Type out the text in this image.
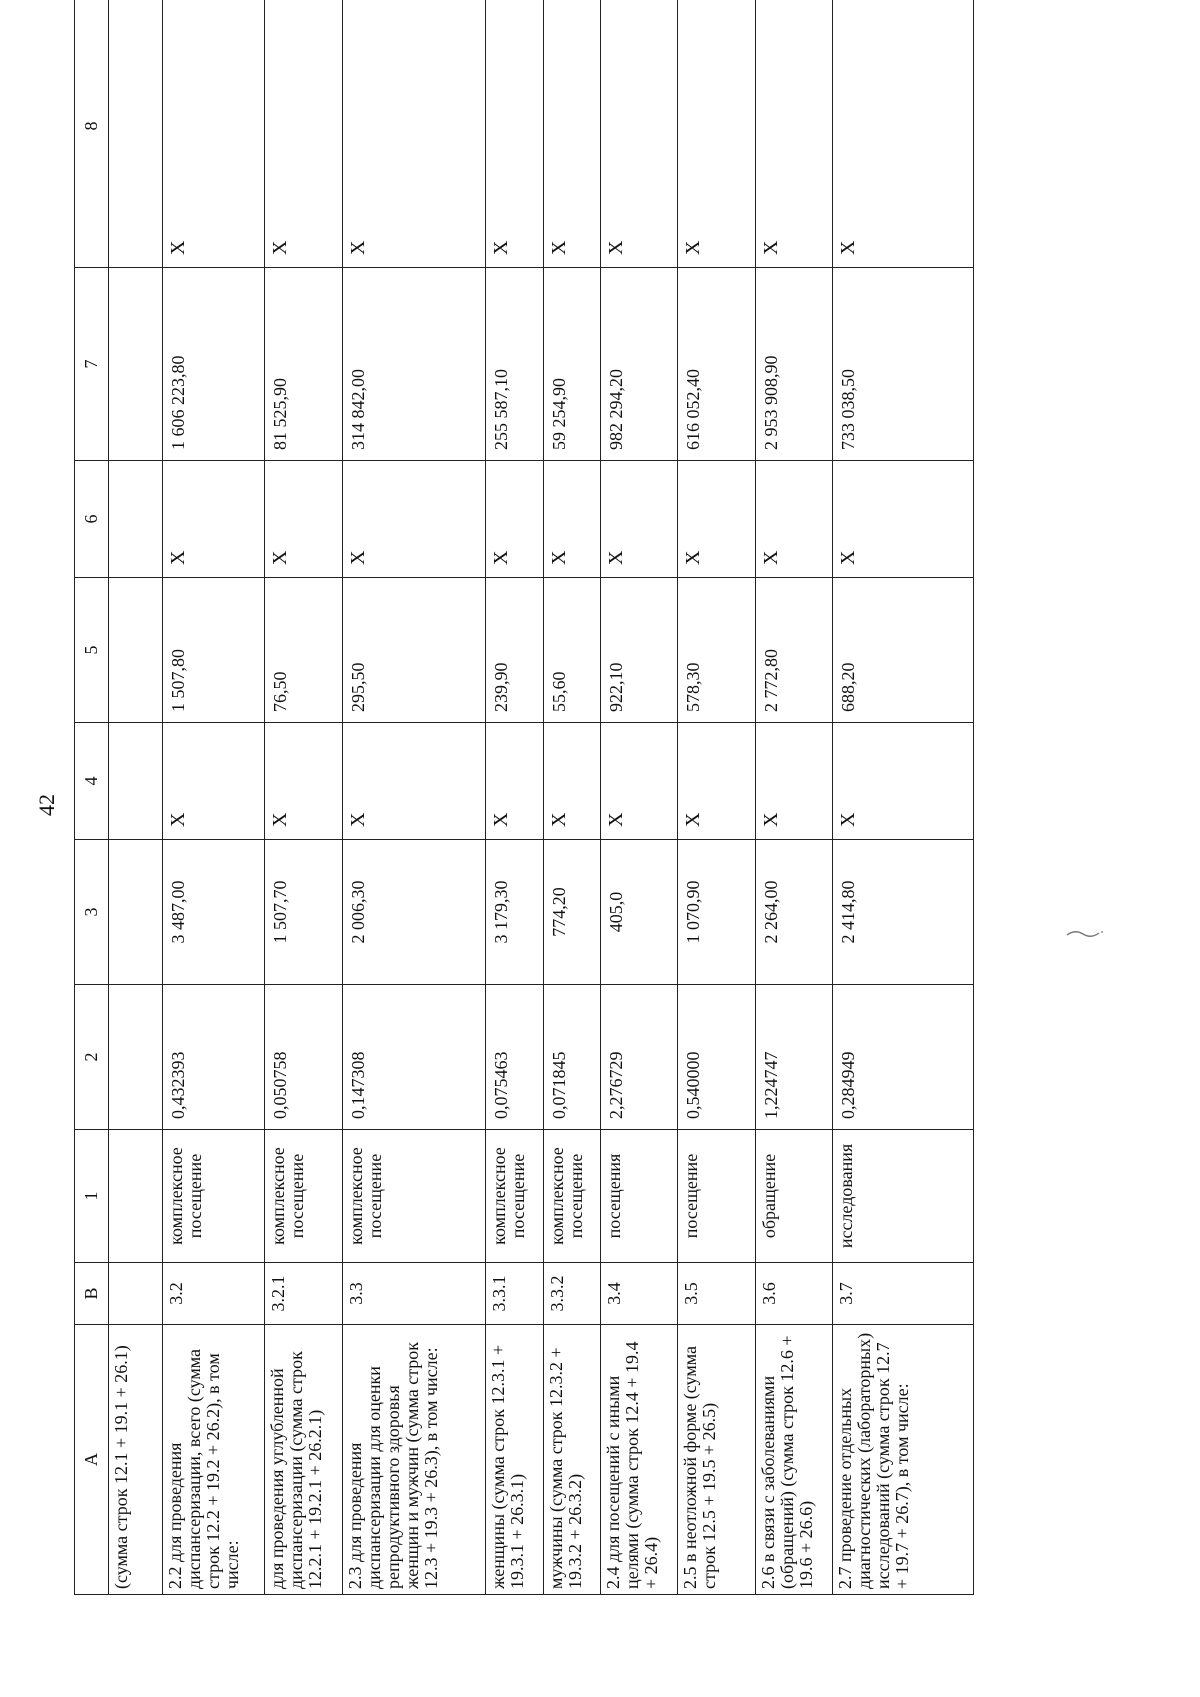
42
A	B	1	2	3	4	5	6	7	8
(сумма строк 12.1 + 19.1 + 26.1)									
2.2 для проведения диспансеризации, всего (сумма строк 12.2 + 19.2 + 26.2), в том числе:	3.2	комплексное посещение	0,432393	3 487,00	Х	1 507,80	Х	1 606 223,80	Х
для проведения углубленной диспансеризации (сумма строк 12.2.1 + 19.2.1 + 26.2.1)	3.2.1	комплексное посещение	0,050758	1 507,70	Х	76,50	Х	81 525,90	Х
2.3 для проведения диспансеризации для оценки репродуктивного здоровья женщин и мужчин (сумма строк 12.3 + 19.3 + 26.3), в том числе:	3.3	комплексное посещение	0,147308	2 006,30	Х	295,50	Х	314 842,00	Х
женщины (сумма строк 12.3.1 + 19.3.1 + 26.3.1)	3.3.1	комплексное посещение	0,075463	3 179,30	Х	239,90	Х	255 587,10	Х
мужчины (сумма строк 12.3.2 + 19.3.2 + 26.3.2)	3.3.2	комплексное посещение	0,071845	774,20	Х	55,60	Х	59 254,90	Х
2.4 для посещений с иными целями (сумма строк 12.4 + 19.4 + 26.4)	3.4	посещения	2,276729	405,0	Х	922,10	Х	982 294,20	Х
2.5 в неотложной форме (сумма строк 12.5 + 19.5 + 26.5)	3.5	посещение	0,540000	1 070,90	Х	578,30	Х	616 052,40	Х
2.6 в связи с заболеваниями (обращений) (сумма строк 12.6 + 19.6 + 26.6)	3.6	обращение	1,224747	2 264,00	Х	2 772,80	Х	2 953 908,90	Х
2.7 проведение отдельных диагностических (лабораторных) исследований (сумма строк 12.7 + 19.7 + 26.7), в том числе:	3.7	исследования	0,284949	2 414,80	Х	688,20	Х	733 038,50	Х
